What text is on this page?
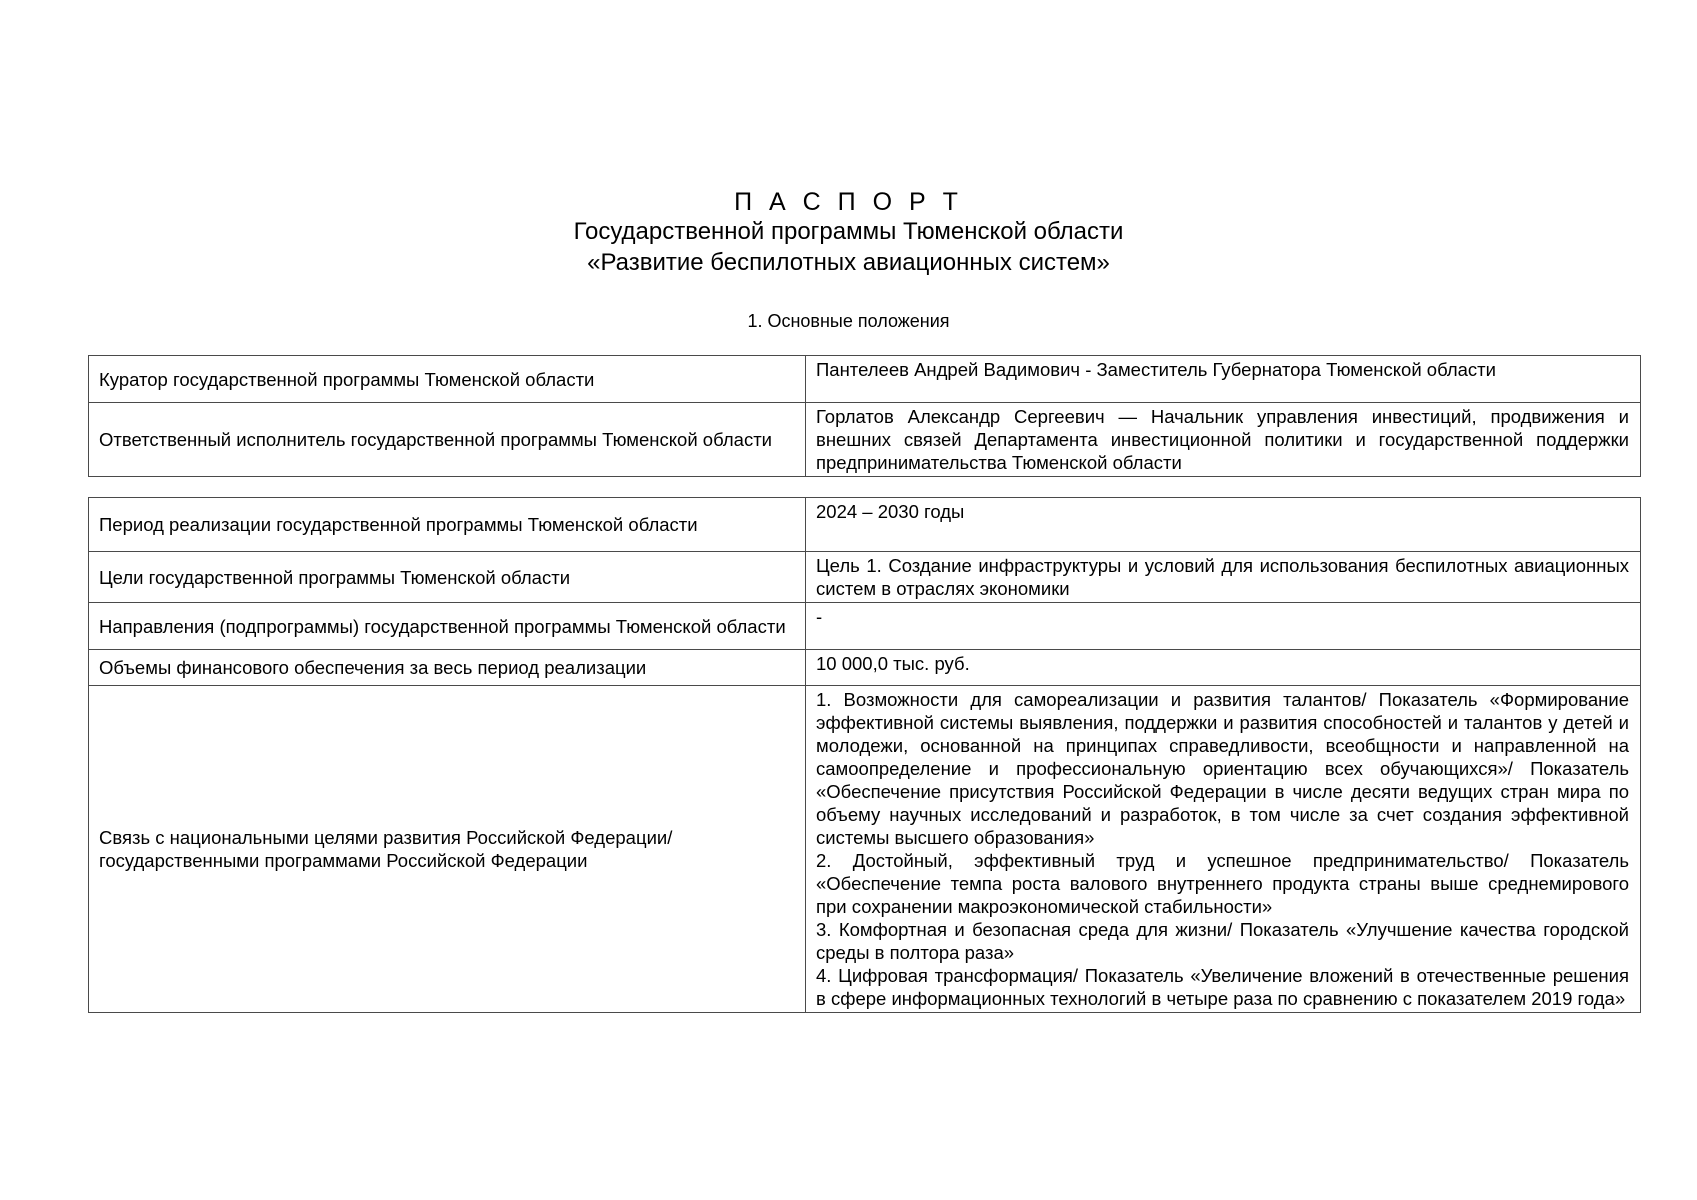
П А С П О Р Т
Государственной программы Тюменской области
«Развитие беспилотных авиационных систем»
1. Основные положения
Куратор государственной программы Тюменской области	Пантелеев Андрей Вадимович - Заместитель Губернатора Тюменской области
Ответственный исполнитель государственной программы Тюменской области	Горлатов Александр Сергеевич — Начальник управления инвестиций, продвижения и внешних связей Департамента инвестиционной политики и государственной поддержки предпринимательства Тюменской области
Период реализации государственной программы Тюменской области	2024 – 2030 годы
Цели государственной программы Тюменской области	Цель 1. Создание инфраструктуры и условий для использования беспилотных авиационных систем в отраслях экономики
Направления (подпрограммы) государственной программы Тюменской области	-
Объемы финансового обеспечения за весь период реализации	10 000,0 тыс. руб.
Связь с национальными целями развития Российской Федерации/ государственными программами Российской Федерации	1. Возможности для самореализации и развития талантов/ Показатель «Формирование эффективной системы выявления, поддержки и развития способностей и талантов у детей и молодежи, основанной на принципах справедливости, всеобщности и направленной на самоопределение и профессиональную ориентацию всех обучающихся»/ Показатель «Обеспечение присутствия Российской Федерации в числе десяти ведущих стран мира по объему научных исследований и разработок, в том числе за счет создания эффективной системы высшего образования»
2. Достойный, эффективный труд и успешное предпринимательство/ Показатель «Обеспечение темпа роста валового внутреннего продукта страны выше среднемирового при сохранении макроэкономической стабильности»
3. Комфортная и безопасная среда для жизни/ Показатель «Улучшение качества городской среды в полтора раза»
4. Цифровая трансформация/ Показатель «Увеличение вложений в отечественные решения в сфере информационных технологий в четыре раза по сравнению с показателем 2019 года»
